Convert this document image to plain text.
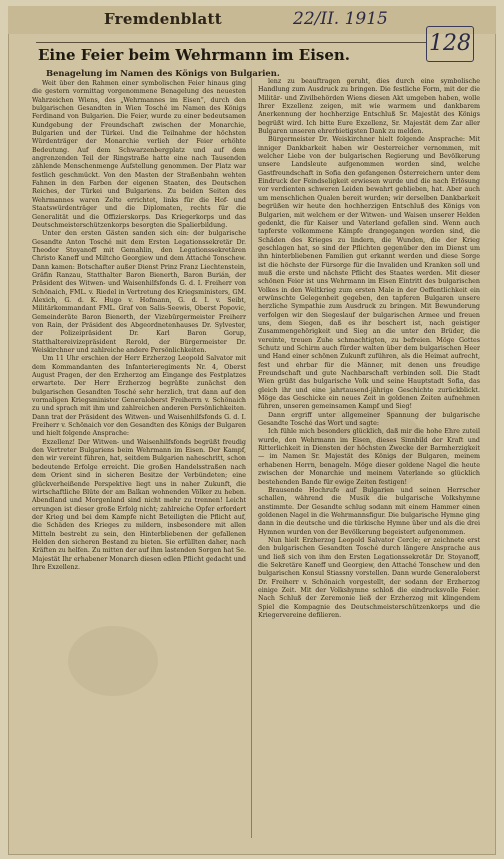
Fremdenblatt	22/II. 1915
128
Eine Feier beim Wehrmann im Eisen.
Benagelung im Namen des Königs von Bulgarien.

Weit über den Rahmen einer symbolischen Feier hinaus ging die gestern vormittag vorgenommene Benagelung des neuesten Wahrzeichen Wiens, des „Wehrmannes im Eisen“, durch den bulgarischen Gesandten in Wien Tosché im Namen des Königs Ferdinand von Bulgarien. Die Feier, wurde zu einer bedeutsamen Kundgebung der Freundschaft zwischen der Monarchie, Bulgarien und der Türkei. Und die Teilnahme der höchsten Würdenträger der Monarchie verlieh der Feier erhöhte Bedeutung. Auf dem Schwarzenbergplatz und auf dem angrenzenden Teil der Ringstraße hatte eine nach Tausenden zählende Menschenmenge Aufstellung genommen. Der Platz war festlich geschmückt. Von den Masten der Straßenbahn wehten Fahnen in den Farben der eigenen Staaten, des Deutschen Reiches, der Türkei und Bulgariens. Zu beiden Seiten des Wehrmannes waren Zelte errichtet, links für die Hof- und Staatswürdenträger und die Diplomaten, rechts für die Generalität und die Offizierskorps. Das Kriegerkorps und das Deutschmeisterschützenkorps besorgten die Spalierbildung.

Unter den ersten Gästen sanden sich ein: der bulgarische Gesandte Anton Tosché mit dem Ersten Legationssekretär Dr. Theodor Stoyanoff mit Gemahlin, den Legationssekretären Christo Kaneff und Miltcho Georgiew und dem Attaché Tonschew. Dann kamen: Botschafter außer Dienst Prinz Franz Liechtenstein, Gräfin Ranzau, Statthalter Baron Bienerth, Baron Burián, der Präsident des Witwen- und Waisenhilfsfonds G. d. I. Freiherr von Schönaich, FML. v. Riedel in Vertretung des Kriegsministers, GM. Alexich, G. d. K. Hugo v. Hofmann, G. d. I. v. Seibt, Militärkommandant FML. Graf von Salis-Seewis, Oberst Popovic, Gemeinderäte Baron Bienerth, der Vizebürgermeister Freiherr von Rain, der Präsident des Abgeordnetenhauses Dr. Sylvester, der Polizeipräsident Dr. Karl Baron Gorup, Statthaltereivizepräsident Rerold, der Bürgermeister Dr. Weiskirchner und zahlreiche andere Persönlichkeiten.

Um 11 Uhr erschien der Herr Erzherzog Leopold Salvator mit dem Kommandanten des Infanterieregiments Nr. 4, Oberst August Pragen, der den Erzherzog am Eingange des Festplatzes erwartete. Der Herr Erzherzog begrüßte zunächst den bulgarischen Gesandten Tosché sehr herzlich, trat dann auf den vormaligen Kriegsminister Generaloberst Freiherrn v. Schönaich zu und sprach mit ihm und zahlreichen anderen Persönlichkeiten. Dann trat der Präsident des Witwen- und Waisenhilfsfonds G. d. I. Freiherr v. Schönaich vor den Gesandten des Königs der Bulgaren und hielt folgende Ansprache:

Exzellenz! Der Witwen- und Waisenhilfsfonds begrüßt freudig den Vertreter Bulgariens beim Wehrmann im Eisen. Der Kampf, den wir vereint führen, hat, seitdem Bulgarien naheschritt, schon bedeutende Erfolge erreicht. Die großen Handelsstraßen nach dem Orient sind in sicheren Besitze der Verbündeten; eine glückverheißende Perspektive liegt uns in naher Zukunft, die wirtschaftliche Blüte der am Balkan wohnenden Völker zu heben. Abendland und Morgenland sind nicht mehr zu trennen! Leicht errungen ist dieser große Erfolg nicht; zahlreiche Opfer erfordert der Krieg und bei dem Kampfe nicht Beteiligten die Pflicht auf, die Schäden des Krieges zu mildern, insbesondere mit allen Mitteln bestrebt zu sein, den Hinterbliebenen der gefallenen Helden den sicheren Bestand zu bieten. Sie erfüllten daher, nach Kräften zu helfen. Zu mitten der auf ihm lastenden Sorgen hat Se. Majestät Ihr erhabener Monarch diesen edlen Pflicht gedacht und Ihre Exzellenz.

lenz zu beauftragen geruht, dies durch eine symbolische Handlung zum Ausdruck zu bringen. Die festliche Form, mit der die Militär- und Zivilbehörden Wiens diesen Akt umgeben haben, wolle Ihrer Exzellenz zeigen, mit wie warmem und dankbarem Anerkennung der hochherzige Entschluß Sr. Majestät des Königs begrüßt wird. Ich bitte Eure Exzellenz, Sr. Majestät dem Zar aller Bulgaren unseren ehrerbietigsten Dank zu melden.

Bürgermeister Dr. Weiskirchner hielt folgende Ansprache: Mit inniger Dankbarkeit haben wir Oesterreicher vernommen, mit welcher Liebe von der bulgarischen Regierung und Bevölkerung unsere Landsleute aufgenommen worden sind, welche Gastfreundschaft in Sofia den gefangenen Österreichern unter dem Eindruck der Feindseligkeit erwiesen wurde und die nach Erlösung vor verdienten schweren Leiden bewahrt geblieben, hat. Aber auch um menschlichen Qualen bereit wurden; wir derselben Dankbarkeit begrüßen wir heute den hochherzigen Entschluß des Königs von Bulgarien, mit welchem er der Witwen- und Waisen unserer Helden gedenkt, die für Kaiser und Vaterland gefallen sind. Wenn auch tapferste volkommene Kämpfe drangegangen worden sind, die Schäden des Krieges zu lindern, die Wunden, die der Krieg geschlagen hat, so sind der Pflichten gegenüber den im Dienst um ihn hinterbliebenen Familien gut erkannt werden und diese Sorge ist die höchste der Fürsorge für die Invaliden und Kranken soll und muß die erste und nächste Pflicht des Staates werden. Mit dieser schönen Feier ist uns Wehrmann im Eisen Eintritt des bulgarischen Volkes in den Weltkrieg zum ersten Male in der Oeffentlichkeit ein erwünschte Gelegenheit gegeben, den tapferen Bulgaren unsere herzliche Sympathie zum Ausdruck zu bringen. Mit Bewunderung verfolgen wir den Siegeslauf der bulgarischen Armee und freuen uns, dem Siegen, daß es ihr beschert ist, nach geistiger Zusammengehörigkeit und Sieg an die unter den Brüder, die vereinte, treuen Zuhe schmachtigten, zu befreien. Möge Gottes Schutz und Schirm auch fürder walten über dem bulgarischen Heer und Hand einer schönen Zukunft zuführen, als die Heimat aufrecht, fest und ehrbar für die Männer, mit denen uns freudige Freundschaft und gute Nachbarschaft verbinden soll. Die Stadt Wien grüßt das bulgarische Volk und seine Hauptstadt Sofia, das gleich ihr und eine jahrtausend-jährige Geschichte zurückblickt. Möge das Geschicke ein neues Zeit in goldenen Zeiten aufnehmen führen, unseren gemeinsamen Kampf und Sieg!

Dann ergriff unter allgemeiner Spannung der bulgarische Gesandte Tosché das Wort und sagte:

Ich fühle mich besonders glücklich, daß mir die hohe Ehre zuteil wurde, den Wehrmann im Eisen, dieses Sinnbild der Kraft und Ritterlichkeit in Diensten der höchsten Zwecke der Barmherzigkeit — im Namen Sr. Majestät des Königs der Bulgaren, meinem erhabenen Herrn, benageln. Möge dieser goldene Nagel die heute zwischen der Monarchie und meinem Vaterlande so glücklich bestehenden Bande für ewige Zeiten festigen!

Brausende Hochrufe auf Bulgarien und seinen Herrscher schallen, während die Musik die bulgarische Volkshymne anstimmte. Der Gesandte schlug sodann mit einem Hammer einen goldenen Nagel in die Wehrmannsfigur. Die bulgarische Hymne ging dann in die deutsche und die türkische Hymne über und als die drei Hymnen wurden von der Bevölkerung begeistert aufgenommen.

Nun hielt Erzherzog Leopold Salvator Cercle; er zeichnete erst den bulgarischen Gesandten Tosché durch längere Ansprache aus und ließ sich von ihm den Ersten Legationssekretär Dr. Stoyanoff, die Sekretäre Kaneff und Georgiew, den Attaché Tonschew und den bulgarischen Konsul Stiassny vorstellen. Dann wurde Generaloberst Dr. Freiherr v. Schönaich vorgestellt, der sodann der Erzherzog einige Zeit. Mit der Volkshymne schloß die eindrucksvolle Feier. Nach Schluß der Zeremonie ließ der Erzherzog mit klingendem Spiel die Kompagnie des Deutschmeisterschützenkorps und die Kriegervereine defilieren.
